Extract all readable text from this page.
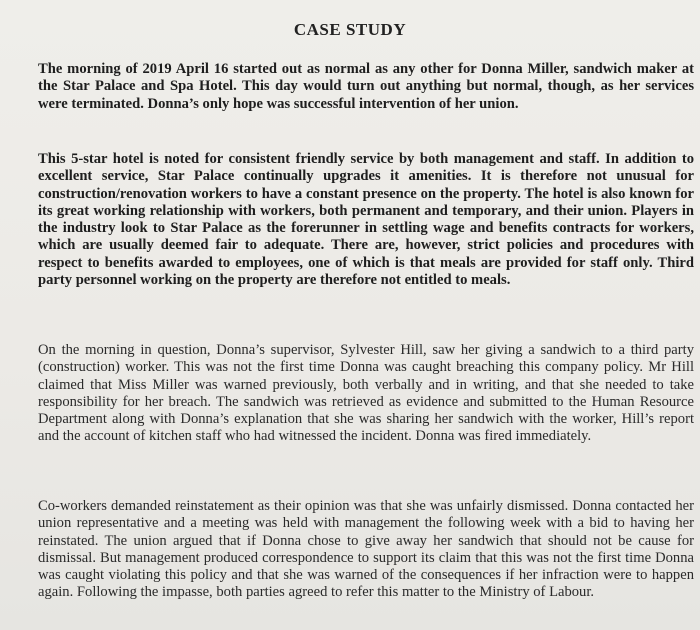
CASE STUDY

The morning of 2019 April 16 started out as normal as any other for Donna Miller, sandwich maker at the Star Palace and Spa Hotel. This day would turn out anything but normal, though, as her services were terminated. Donna’s only hope was successful intervention of her union.

This 5-star hotel is noted for consistent friendly service by both management and staff. In addition to excellent service, Star Palace continually upgrades it amenities. It is therefore not unusual for construction/renovation workers to have a constant presence on the property. The hotel is also known for its great working relationship with workers, both permanent and temporary, and their union. Players in the industry look to Star Palace as the forerunner in settling wage and benefits contracts for workers, which are usually deemed fair to adequate. There are, however, strict policies and procedures with respect to benefits awarded to employees, one of which is that meals are provided for staff only. Third party personnel working on the property are therefore not entitled to meals.

On the morning in question, Donna’s supervisor, Sylvester Hill, saw her giving a sandwich to a third party (construction) worker. This was not the first time Donna was caught breaching this company policy. Mr Hill claimed that Miss Miller was warned previously, both verbally and in writing, and that she needed to take responsibility for her breach. The sandwich was retrieved as evidence and submitted to the Human Resource Department along with Donna’s explanation that she was sharing her sandwich with the worker, Hill’s report and the account of kitchen staff who had witnessed the incident. Donna was fired immediately.

Co-workers demanded reinstatement as their opinion was that she was unfairly dismissed. Donna contacted her union representative and a meeting was held with management the following week with a bid to having her reinstated. The union argued that if Donna chose to give away her sandwich that should not be cause for dismissal. But management produced correspondence to support its claim that this was not the first time Donna was caught violating this policy and that she was warned of the consequences if her infraction were to happen again. Following the impasse, both parties agreed to refer this matter to the Ministry of Labour.
